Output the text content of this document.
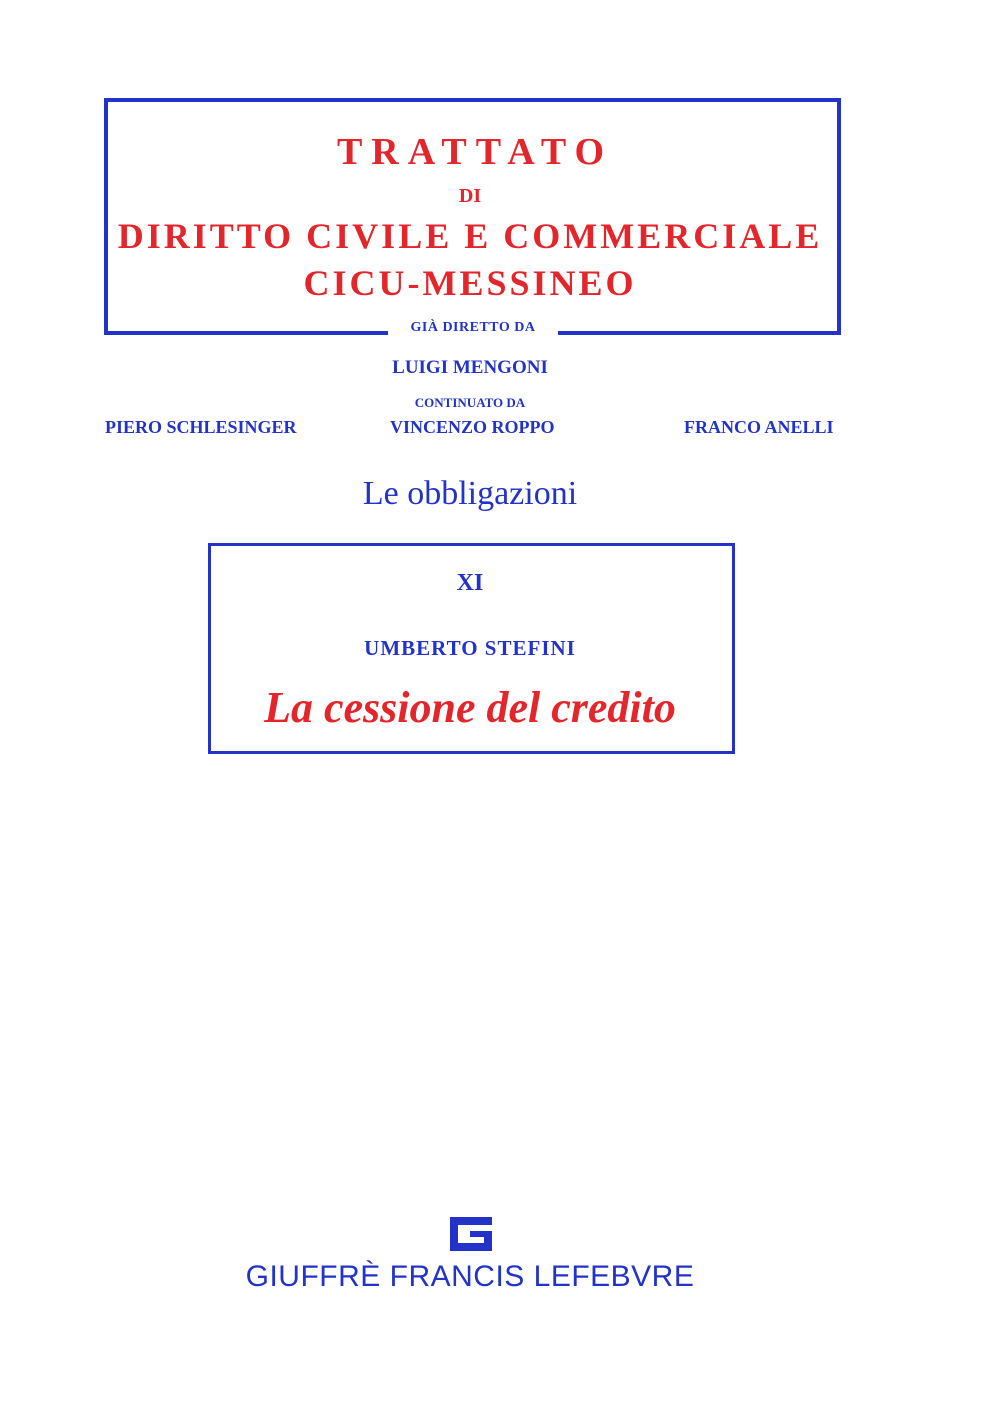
TRATTATO
DI
DIRITTO CIVILE E COMMERCIALE
CICU-MESSINEO
GIÀ DIRETTO DA
LUIGI MENGONI
CONTINUATO DA
PIERO SCHLESINGER	VINCENZO ROPPO	FRANCO ANELLI
Le obbligazioni
XI
UMBERTO STEFINI
La cessione del credito
GIUFFRÈ FRANCIS LEFEBVRE
